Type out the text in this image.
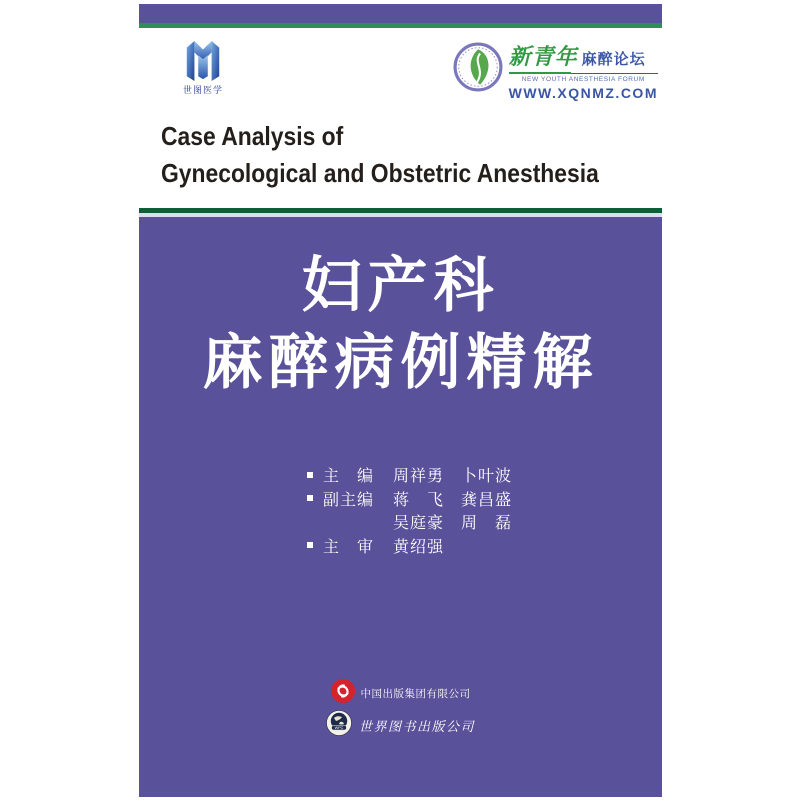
世图医学
新青年 麻醉论坛
NEW YOUTH ANESTHESIA FORUM
WWW.XQNMZ.COM
Case Analysis of
Gynecological and Obstetric Anesthesia
妇产科
麻醉病例精解
主　编 周祥勇　卜叶波
副主编 蒋　飞　龚昌盛
吴庭豪　周　磊
主　审 黄绍强
中国出版集团有限公司
WPC 世界图书出版公司
